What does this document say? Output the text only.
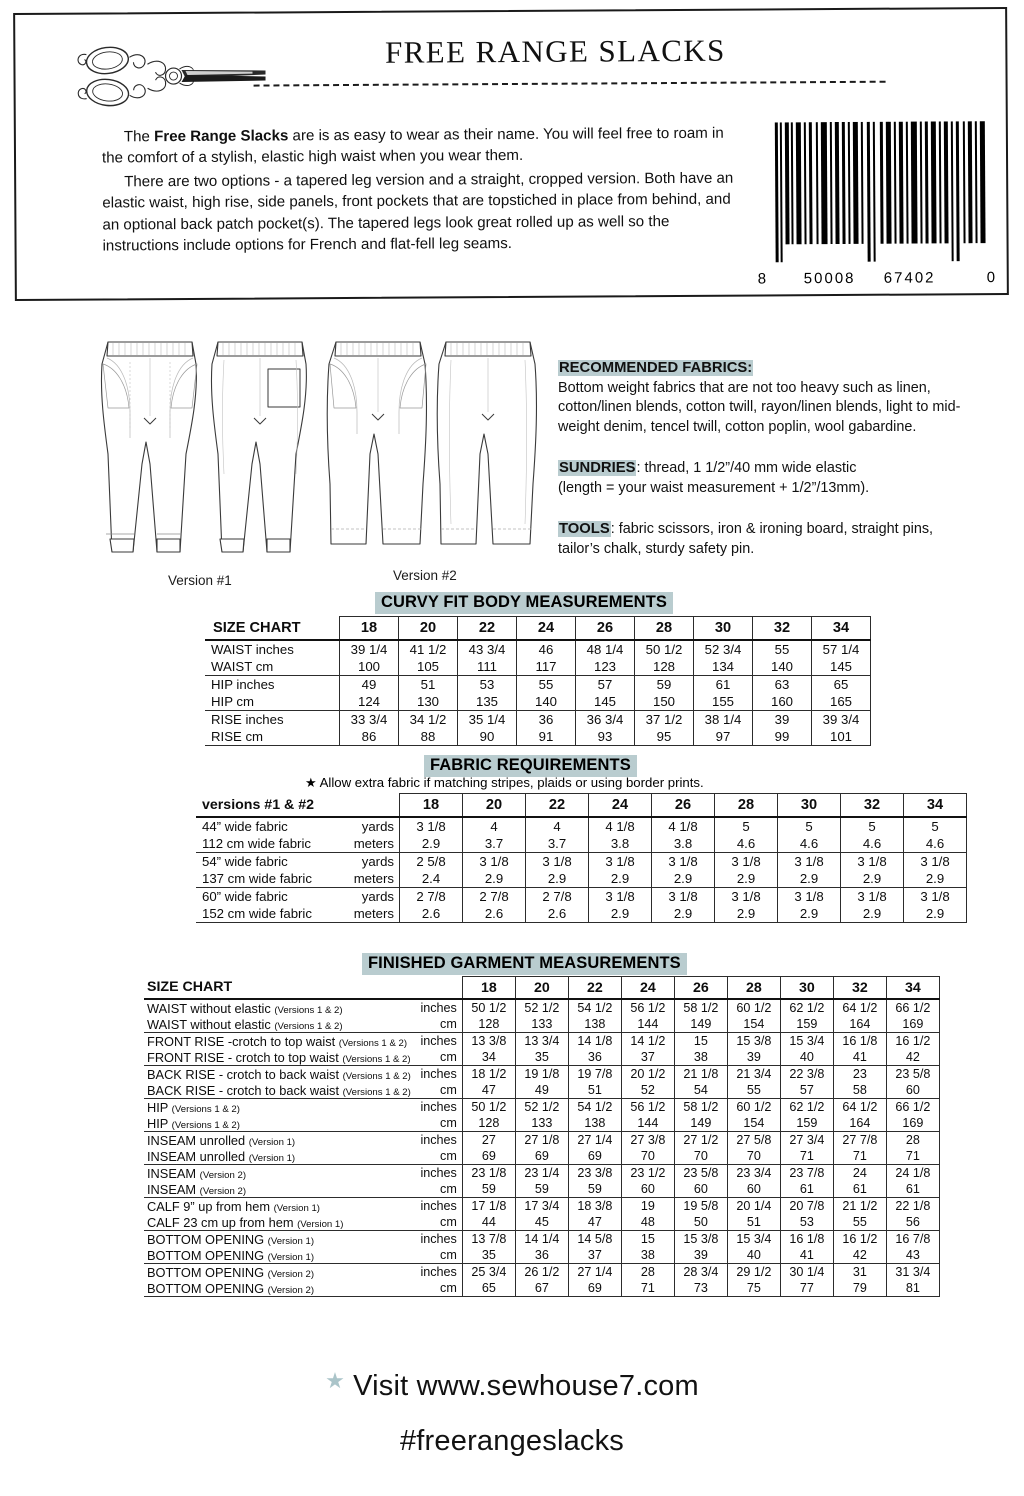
FREE RANGE SLACKS

The Free Range Slacks are is as easy to wear as their name. You will feel free to roam in the comfort of a stylish, elastic high waist when you wear them.

There are two options - a tapered leg version and a straight, cropped version. Both have an elastic waist, high rise, side panels, front pockets that are topstiched in place from behind, and an optional back patch pocket(s). The tapered legs look great rolled up as well so the instructions include options for French and flat-fell leg seams.

8	50008 67402	0
Version #1	Version #2
RECOMMENDED FABRICS:
Bottom weight fabrics that are not too heavy such as linen, cotton/linen blends, cotton twill, rayon/linen blends, light to mid-weight denim, tencel twill, cotton poplin, wool gabardine.
SUNDRIES: thread, 1 1/2”/40 mm wide elastic
(length = your waist measurement + 1/2”/13mm).
TOOLS: fabric scissors, iron & ironing board, straight pins,
tailor’s chalk, sturdy safety pin.
CURVY FIT BODY MEASUREMENTS
FABRIC REQUIREMENTS
★ Allow extra fabric if matching stripes, plaids or using border prints.
FINISHED GARMENT MEASUREMENTS
SIZE CHART	18	20	22	24	26	28	30	32	34
WAIST inches	39 1/4	41 1/2	43 3/4	46	48 1/4	50 1/2	52 3/4	55	57 1/4
WAIST cm	100	105	111	117	123	128	134	140	145
HIP inches	49	51	53	55	57	59	61	63	65
HIP cm	124	130	135	140	145	150	155	160	165
RISE inches	33 3/4	34 1/2	35 1/4	36	36 3/4	37 1/2	38 1/4	39	39 3/4
RISE cm	86	88	90	91	93	95	97	99	101
versions #1 & #2		18	20	22	24	26	28	30	32	34
44” wide fabric	yards	3 1/8	4	4	4 1/8	4 1/8	5	5	5	5
112 cm wide fabric	meters	2.9	3.7	3.7	3.8	3.8	4.6	4.6	4.6	4.6
54” wide fabric	yards	2 5/8	3 1/8	3 1/8	3 1/8	3 1/8	3 1/8	3 1/8	3 1/8	3 1/8
137 cm wide fabric	meters	2.4	2.9	2.9	2.9	2.9	2.9	2.9	2.9	2.9
60” wide fabric	yards	2 7/8	2 7/8	2 7/8	3 1/8	3 1/8	3 1/8	3 1/8	3 1/8	3 1/8
152 cm wide fabric	meters	2.6	2.6	2.6	2.9	2.9	2.9	2.9	2.9	2.9
SIZE CHART		18	20	22	24	26	28	30	32	34
WAIST without elastic (Versions 1 & 2)	inches	50 1/2	52 1/2	54 1/2	56 1/2	58 1/2	60 1/2	62 1/2	64 1/2	66 1/2
WAIST without elastic (Versions 1 & 2)	cm	128	133	138	144	149	154	159	164	169
FRONT RISE -crotch to top waist (Versions 1 & 2)	inches	13 3/8	13 3/4	14 1/8	14 1/2	15	15 3/8	15 3/4	16 1/8	16 1/2
FRONT RISE - crotch to top waist (Versions 1 & 2)	cm	34	35	36	37	38	39	40	41	42
BACK RISE - crotch to back waist (Versions 1 & 2)	inches	18 1/2	19 1/8	19 7/8	20 1/2	21 1/8	21 3/4	22 3/8	23	23 5/8
BACK RISE - crotch to back waist (Versions 1 & 2)	cm	47	49	51	52	54	55	57	58	60
HIP (Versions 1 & 2)	inches	50 1/2	52 1/2	54 1/2	56 1/2	58 1/2	60 1/2	62 1/2	64 1/2	66 1/2
HIP (Versions 1 & 2)	cm	128	133	138	144	149	154	159	164	169
INSEAM unrolled (Version 1)	inches	27	27 1/8	27 1/4	27 3/8	27 1/2	27 5/8	27 3/4	27 7/8	28
INSEAM unrolled (Version 1)	cm	69	69	69	70	70	70	71	71	71
INSEAM (Version 2)	inches	23 1/8	23 1/4	23 3/8	23 1/2	23 5/8	23 3/4	23 7/8	24	24 1/8
INSEAM (Version 2)	cm	59	59	59	60	60	60	61	61	61
CALF 9” up from hem (Version 1)	inches	17 1/8	17 3/4	18 3/8	19	19 5/8	20 1/4	20 7/8	21 1/2	22 1/8
CALF 23 cm up from hem (Version 1)	cm	44	45	47	48	50	51	53	55	56
BOTTOM OPENING (Version 1)	inches	13 7/8	14 1/4	14 5/8	15	15 3/8	15 3/4	16 1/8	16 1/2	16 7/8
BOTTOM OPENING (Version 1)	cm	35	36	37	38	39	40	41	42	43
BOTTOM OPENING (Version 2)	inches	25 3/4	26 1/2	27 1/4	28	28 3/4	29 1/2	30 1/4	31	31 3/4
BOTTOM OPENING (Version 2)	cm	65	67	69	71	73	75	77	79	81
★ Visit www.sewhouse7.com
#freerangeslacks
